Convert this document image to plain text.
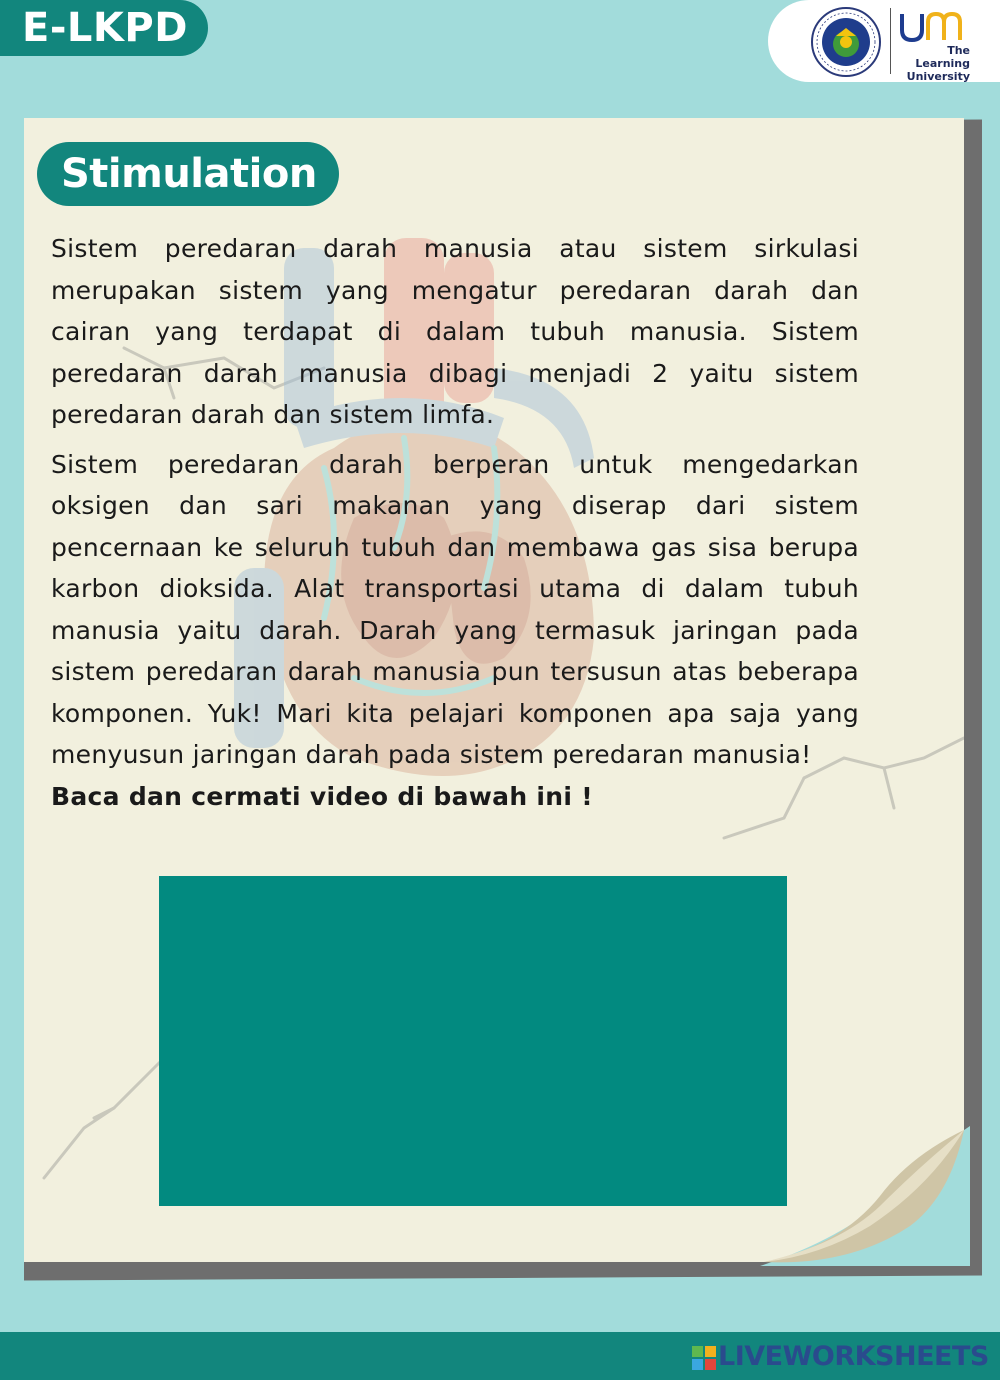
E-LKPD	The Learning University
Stimulation

Sistem peredaran darah manusia atau sistem sirkulasi merupakan sistem yang mengatur peredaran darah dan cairan yang terdapat di dalam tubuh manusia. Sistem peredaran darah manusia dibagi menjadi 2 yaitu sistem peredaran darah dan sistem limfa.

Sistem peredaran darah berperan untuk mengedarkan oksigen dan sari makanan yang diserap dari sistem pencernaan ke seluruh tubuh dan membawa gas sisa berupa karbon dioksida. Alat transportasi utama di dalam tubuh manusia yaitu darah. Darah yang termasuk jaringan pada sistem peredaran darah manusia pun tersusun atas beberapa komponen. Yuk! Mari kita pelajari komponen apa saja yang menyusun jaringan darah pada sistem peredaran manusia!

Baca dan cermati video di bawah ini !

LIVEWORKSHEETS
